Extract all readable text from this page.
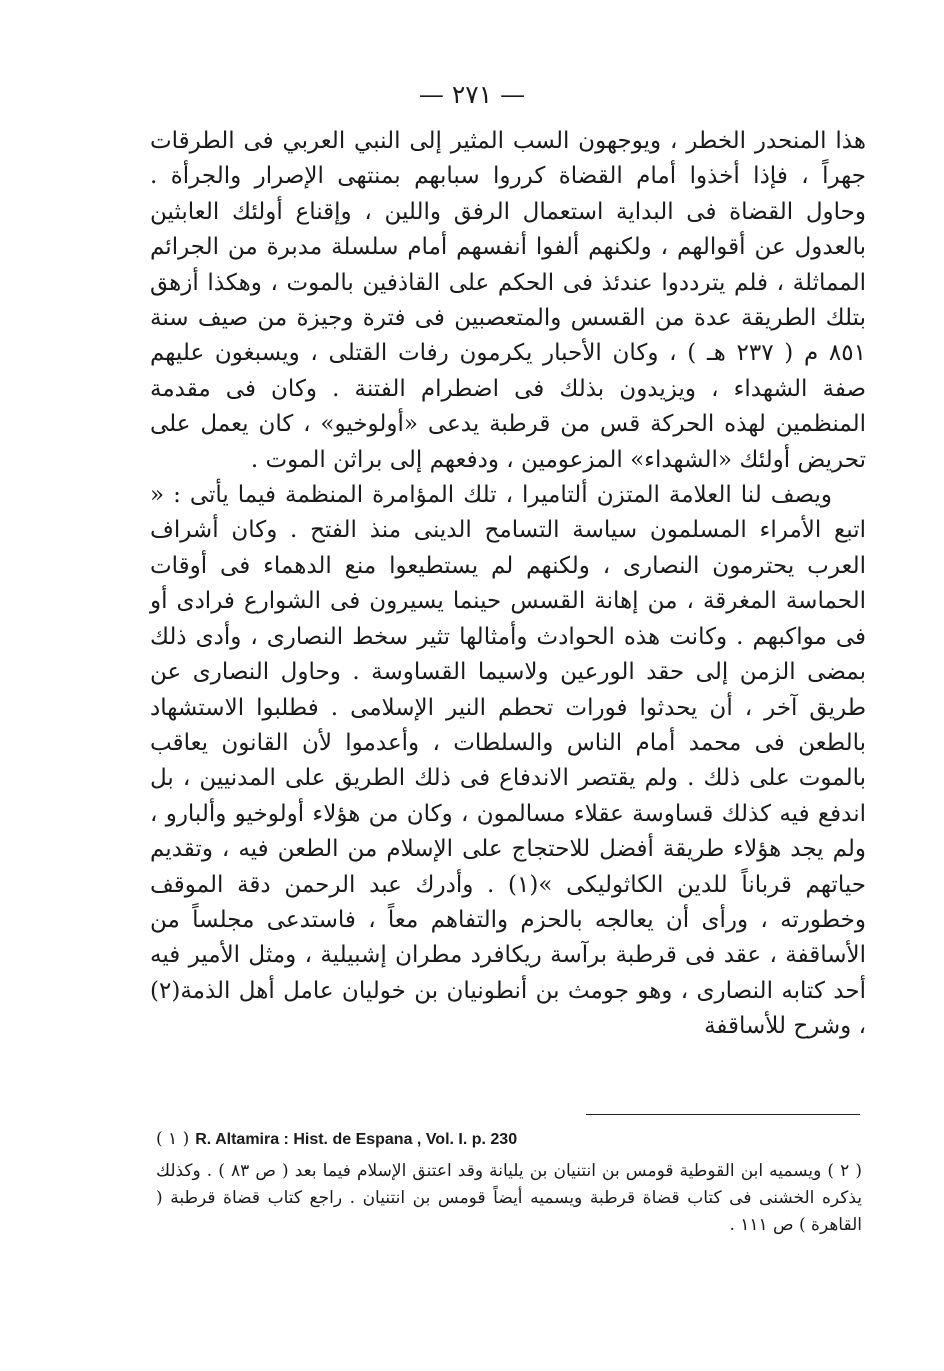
— ٢٧١ —

هذا المنحدر الخطر ، ويوجهون السب المثير إلى النبي العربي فى الطرقات جهراً ، فإذا أخذوا أمام القضاة كرروا سبابهم بمنتهى الإصرار والجرأة . وحاول القضاة فى البداية استعمال الرفق واللين ، وإقناع أولئك العابثين بالعدول عن أقوالهم ، ولكنهم ألفوا أنفسهم أمام سلسلة مدبرة من الجرائم المماثلة ، فلم يترددوا عندئذ فى الحكم على القاذفين بالموت ، وهكذا أزهق بتلك الطريقة عدة من القسس والمتعصبين فى فترة وجيزة من صيف سنة ٨٥١ م ( ٢٣٧ هـ ) ، وكان الأحبار يكرمون رفات القتلى ، ويسبغون عليهم صفة الشهداء ، ويزيدون بذلك فى اضطرام الفتنة . وكان فى مقدمة المنظمين لهذه الحركة قس من قرطبة يدعى «أولوخيو» ، كان يعمل على تحريض أولئك «الشهداء» المزعومين ، ودفعهم إلى براثن الموت .

ويصف لنا العلامة المتزن ألتاميرا ، تلك المؤامرة المنظمة فيما يأتى : « اتبع الأمراء المسلمون سياسة التسامح الدينى منذ الفتح . وكان أشراف العرب يحترمون النصارى ، ولكنهم لم يستطيعوا منع الدهماء فى أوقات الحماسة المغرقة ، من إهانة القسس حينما يسيرون فى الشوارع فرادى أو فى مواكبهم . وكانت هذه الحوادث وأمثالها تثير سخط النصارى ، وأدى ذلك بمضى الزمن إلى حقد الورعين ولاسيما القساوسة . وحاول النصارى عن طريق آخر ، أن يحدثوا فورات تحطم النير الإسلامى . فطلبوا الاستشهاد بالطعن فى محمد أمام الناس والسلطات ، وأعدموا لأن القانون يعاقب بالموت على ذلك . ولم يقتصر الاندفاع فى ذلك الطريق على المدنيين ، بل اندفع فيه كذلك قساوسة عقلاء مسالمون ، وكان من هؤلاء أولوخيو وألبارو ، ولم يجد هؤلاء طريقة أفضل للاحتجاج على الإسلام من الطعن فيه ، وتقديم حياتهم قرباناً للدين الكاثوليكى »(١) . وأدرك عبد الرحمن دقة الموقف وخطورته ، ورأى أن يعالجه بالحزم والتفاهم معاً ، فاستدعى مجلساً من الأساقفة ، عقد فى قرطبة برآسة ريكافرد مطران إشبيلية ، ومثل الأمير فيه أحد كتابه النصارى ، وهو جومث بن أنطونيان بن خوليان عامل أهل الذمة(٢) ، وشرح للأساقفة

( ١ ) R. Altamira : Hist. de Espana , Vol. I. p. 230

( ٢ ) ويسميه ابن القوطية قومس بن انتنيان بن يليانة وقد اعتنق الإسلام فيما بعد ( ص ٨٣ ) . وكذلك يذكره الخشنى فى كتاب قضاة قرطبة ويسميه أيضاً قومس بن انتنيان . راجع كتاب قضاة قرطبة ( القاهرة ) ص ١١١ .
